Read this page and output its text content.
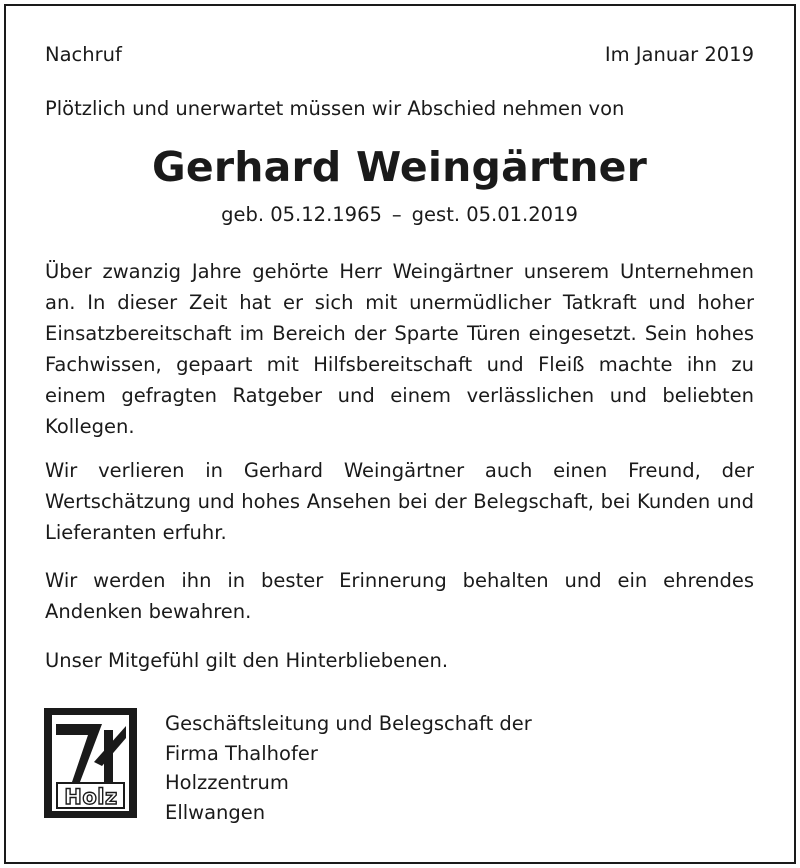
Nachruf	Im Januar 2019
Plötzlich und unerwartet müssen wir Abschied nehmen von
Gerhard Weingärtner
geb. 05.12.1965 – gest. 05.01.2019
Über zwanzig Jahre gehörte Herr Weingärtner unserem Unternehmen an. In dieser Zeit hat er sich mit unermüdlicher Tatkraft und hoher Einsatzbereitschaft im Bereich der Sparte Türen eingesetzt. Sein hohes Fachwissen, gepaart mit Hilfsbereitschaft und Fleiß machte ihn zu einem gefragten Ratgeber und einem verlässlichen und beliebten Kollegen.
Wir verlieren in Gerhard Weingärtner auch einen Freund, der Wertschätzung und hohes Ansehen bei der Belegschaft, bei Kunden und Lieferanten erfuhr.
Wir werden ihn in bester Erinnerung behalten und ein ehrendes Andenken bewahren.
Unser Mitgefühl gilt den Hinterbliebenen.
Holz
Geschäftsleitung und Belegschaft der
Firma Thalhofer
Holzzentrum
Ellwangen
